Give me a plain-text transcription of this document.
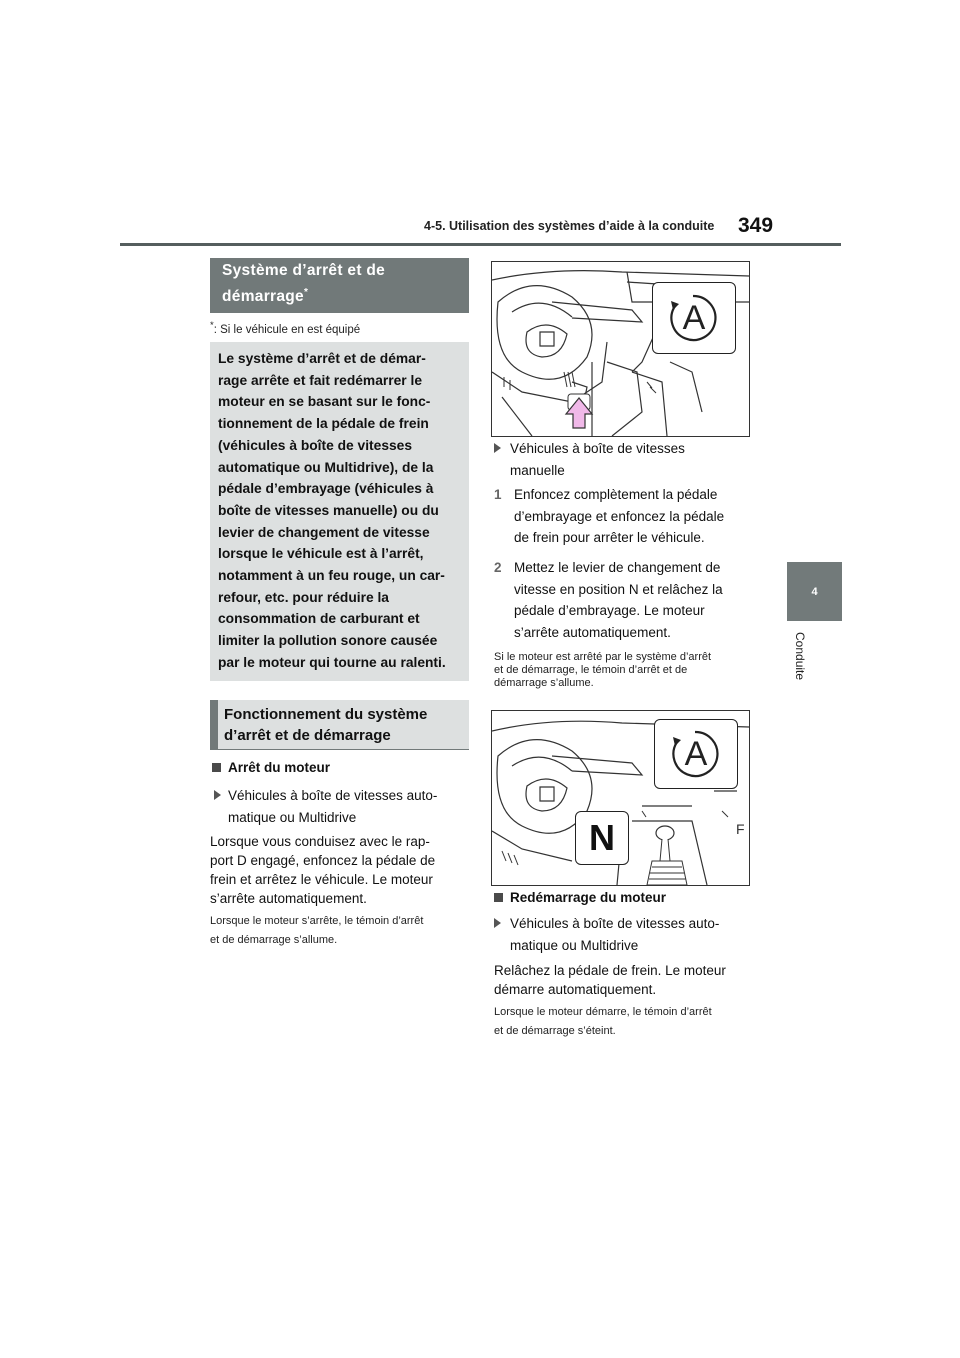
4-5. Utilisation des systèmes d’aide à la conduite 349
4
Conduite
Système d’arrêt et de démarrage*
*: Si le véhicule en est équipé

Le système d’arrêt et de démar-

rage arrête et fait redémarrer le

moteur en se basant sur le fonc-

tionnement de la pédale de frein

(véhicules à boîte de vitesses

automatique ou Multidrive), de la

pédale d’embrayage (véhicules à

boîte de vitesses manuelle) ou du

levier de changement de vitesse

lorsque le véhicule est à l’arrêt,

notamment à un feu rouge, un car-

refour, etc. pour réduire la

consommation de carburant et

limiter la pollution sonore causée

par le moteur qui tourne au ralenti.

Fonctionnement du système
d’arrêt et de démarrage
Arrêt du moteur
Véhicules à boîte de vitesses auto-
matique ou Multidrive
Lorsque vous conduisez avec le rap-
port D engagé, enfoncez la pédale de
frein et arrêtez le véhicule. Le moteur
s’arrête automatiquement.
Lorsque le moteur s’arrête, le témoin d’arrêt
et de démarrage s’allume.
A
Véhicules à boîte de vitesses
manuelle
1 Enfoncez complètement la pédale
d’embrayage et enfoncez la pédale
de frein pour arrêter le véhicule.
2 Mettez le levier de changement de
vitesse en position N et relâchez la
pédale d’embrayage. Le moteur
s’arrête automatiquement.
Si le moteur est arrêté par le système d’arrêt
et de démarrage, le témoin d’arrêt et de
démarrage s’allume.
F
A
N
Redémarrage du moteur
Véhicules à boîte de vitesses auto-
matique ou Multidrive
Relâchez la pédale de frein. Le moteur
démarre automatiquement.
Lorsque le moteur démarre, le témoin d’arrêt
et de démarrage s’éteint.
